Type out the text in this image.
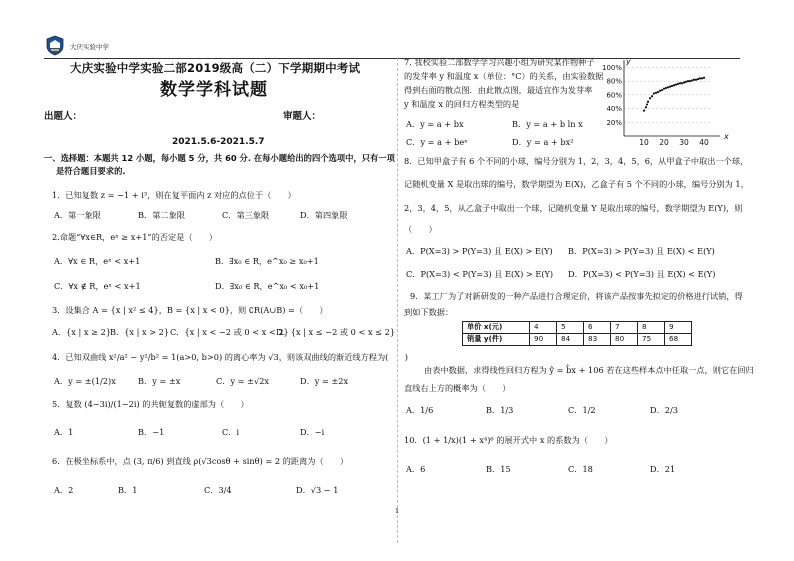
大庆实验中学
大庆实验中学实验二部2019级高（二）下学期期中考试
数学学科试题
出题人：	审题人：
2021.5.6-2021.5.7
一、选择题：本题共 12 小题，每小题 5 分，共 60 分. 在每小题给出的四个选项中，只有一项
是符合题目要求的.
1．已知复数 z = −1 + i³，则在复平面内 z 对应的点位于（　　）
A．第一象限	B．第二象限	C．第三象限	D．第四象限
2.命题“∀x∈R，eˣ ≥ x+1”的否定是（　　）
A．∀x ∈ R，eˣ < x+1	B．∃x₀ ∈ R，e^x₀ ≥ x₀+1
C．∀x ∉ R，eˣ < x+1	D．∃x₀ ∈ R，e^x₀ < x₀+1
3．设集合 A = {x | x² ≤ 4}，B = {x | x < 0}，则 ∁R(A∪B) =（　　）
A．{x | x ≥ 2} B．{x | x > 2} C．{x | x < −2 或 0 < x < 2}
D．{x | x ≤ −2 或 0 < x ≤ 2}
4．已知双曲线 x²/a² − y²/b² = 1(a>0, b>0) 的离心率为 √3，则该双曲线的渐近线方程为(　　)
A．y = ±(1/2)x	B．y = ±x	C．y = ±√2x	D．y = ±2x
5．复数 (4−3i)/(1−2i) 的共轭复数的虚部为（　　）
A．1	B．−1	C．i	D．−i
6．在极坐标系中，点 (3, π/6) 到直线 ρ(√3cosθ + sinθ) = 2 的距离为（　　）
A．2	B．1	C．3/4	D．√3 − 1
7. 我校实验二部数学学习兴趣小组为研究某作物种子
的发芽率 y 和温度 x（单位：°C）的关系，由实验数据
得到右面的散点图．由此散点图，最适宜作为发芽率
y 和温度 x 的回归方程类型的是
A．y = a + bx	B．y = a + b ln x
C．y = a + beˣ	D．y = a + bx²
20%
40%
60%
80%
100%
10 20 30 40
x
y
8．已知甲盒子有 6 个不同的小球，编号分别为 1，2，3，4，5，6，从甲盒子中取出一个球，
记随机变量 X 是取出球的编号，数学期望为 E(X)，乙盒子有 5 个不同的小球，编号分别为 1，
2，3，4，5，从乙盒子中取出一个球，记随机变量 Y 是取出球的编号，数学期望为 E(Y)，则
（　　）
A．P(X=3) > P(Y=3) 且 E(X) > E(Y) B．P(X=3) > P(Y=3) 且 E(X) < E(Y)
C．P(X=3) < P(Y=3) 且 E(X) > E(Y) D．P(X=3) < P(Y=3) 且 E(X) < E(Y)
9．某工厂为了对新研发的一种产品进行合理定价，将该产品按事先拟定的价格进行试销，得
到如下数据：
单价 x(元)	4	5	6	7	8	9
销量 y(件)	90	84	83	80	75	68
由表中数据，求得线性回归方程为 ŷ = b̂x + 106 若在这些样本点中任取一点，则它在回归
直线右上方的概率为（　　）
A．1/6	B．1/3	C．1/2	D．2/3
10．(1 + 1/x)(1 + x⁴)⁶ 的展开式中 x 的系数为（　　）
A．6	B．15	C．18	D．21
1
